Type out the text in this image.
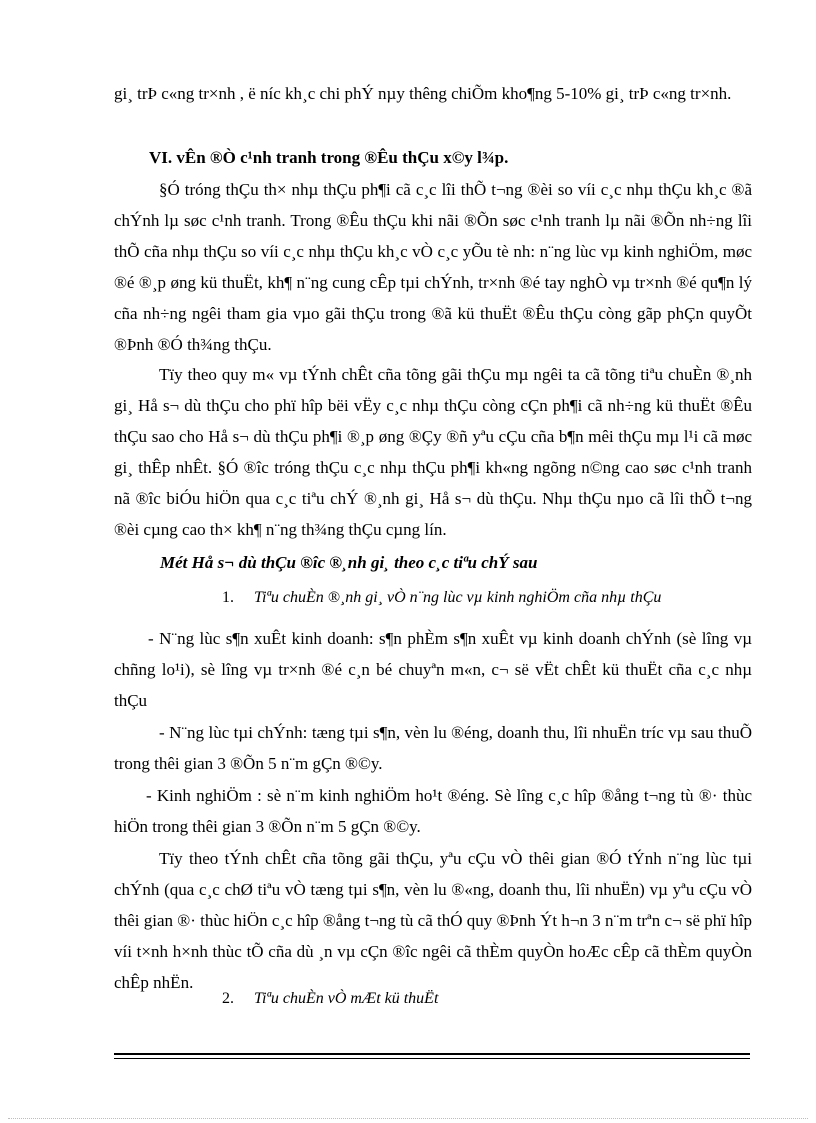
gi¸ trÞ c«ng tr×nh , ë níc kh¸c chi phÝ nµy thêng chiÕm kho¶ng 5-10% gi¸ trÞ c«ng tr×nh.

VI. vÊn ®Ò c¹nh tranh trong ®Êu thÇu x©y l¾p.

§Ó tróng thÇu th× nhµ thÇu ph¶i cã c¸c lîi thÕ t¬ng ®èi so víi c¸c nhµ thÇu kh¸c ®ã chÝnh lµ søc c¹nh tranh. Trong ®Êu thÇu khi nãi ®Õn søc c¹nh tranh lµ nãi ®Õn nh÷ng lîi thÕ cña nhµ thÇu so víi c¸c nhµ thÇu kh¸c vÒ c¸c yÕu tè nh: n¨ng lùc vµ kinh nghiÖm, møc ®é ®¸p øng kü thuËt, kh¶ n¨ng cung cÊp tµi chÝnh, tr×nh ®é tay nghÒ vµ tr×nh ®é qu¶n lý cña nh÷ng ngêi tham gia vµo gãi thÇu trong ®ã kü thuËt ®Êu thÇu còng gãp phÇn quyÕt ®Þnh ®Ó th¾ng thÇu.

Tïy theo quy m« vµ tÝnh chÊt cña tõng gãi thÇu mµ ngêi ta cã tõng tiªu chuÈn ®¸nh gi¸ Hå s¬ dù thÇu cho phï hîp bëi vËy c¸c nhµ thÇu còng cÇn ph¶i cã nh÷ng kü thuËt ®Êu thÇu sao cho Hå s¬ dù thÇu ph¶i ®¸p øng ®Çy ®ñ yªu cÇu cña b¶n mêi thÇu mµ l¹i cã møc gi¸ thÊp nhÊt. §Ó ®îc tróng thÇu c¸c nhµ thÇu ph¶i kh«ng ngõng n©ng cao søc c¹nh tranh nã ®îc biÓu hiÖn qua c¸c tiªu chÝ ®¸nh gi¸ Hå s¬ dù thÇu. Nhµ thÇu nµo cã lîi thÕ t¬ng ®èi cµng cao th× kh¶ n¨ng th¾ng thÇu cµng lín.

Mét Hå s¬ dù thÇu ®îc ®¸nh gi¸ theo c¸c tiªu chÝ sau

1. Tiªu chuÈn ®¸nh gi¸ vÒ n¨ng lùc vµ kinh nghiÖm cña nhµ thÇu

- N¨ng lùc s¶n xuÊt kinh doanh: s¶n phÈm s¶n xuÊt vµ kinh doanh chÝnh (sè lîng vµ chñng lo¹i), sè lîng vµ tr×nh ®é c¸n bé chuyªn m«n, c¬ së vËt chÊt kü thuËt cña c¸c nhµ thÇu

- N¨ng lùc tµi chÝnh: tæng tµi s¶n, vèn lu ®éng, doanh thu, lîi nhuËn tríc vµ sau thuÕ trong thêi gian 3 ®Õn 5 n¨m gÇn ®©y.

- Kinh nghiÖm : sè n¨m kinh nghiÖm ho¹t ®éng. Sè lîng c¸c hîp ®ång t¬ng tù ®· thùc hiÖn trong thêi gian 3 ®Õn n¨m 5 gÇn ®©y.

Tïy theo tÝnh chÊt cña tõng gãi thÇu, yªu cÇu vÒ thêi gian ®Ó tÝnh n¨ng lùc tµi chÝnh (qua c¸c chØ tiªu vÒ tæng tµi s¶n, vèn lu ®«ng, doanh thu, lîi nhuËn) vµ yªu cÇu vÒ thêi gian ®· thùc hiÖn c¸c hîp ®ång t¬ng tù cã thÓ quy ®Þnh Ýt h¬n 3 n¨m trªn c¬ së phï hîp víi t×nh h×nh thùc tÕ cña dù ¸n vµ cÇn ®îc ngêi cã thÈm quyÒn hoÆc cÊp cã thÈm quyÒn chÊp nhËn.

2. Tiªu chuÈn vÒ mÆt kü thuËt
